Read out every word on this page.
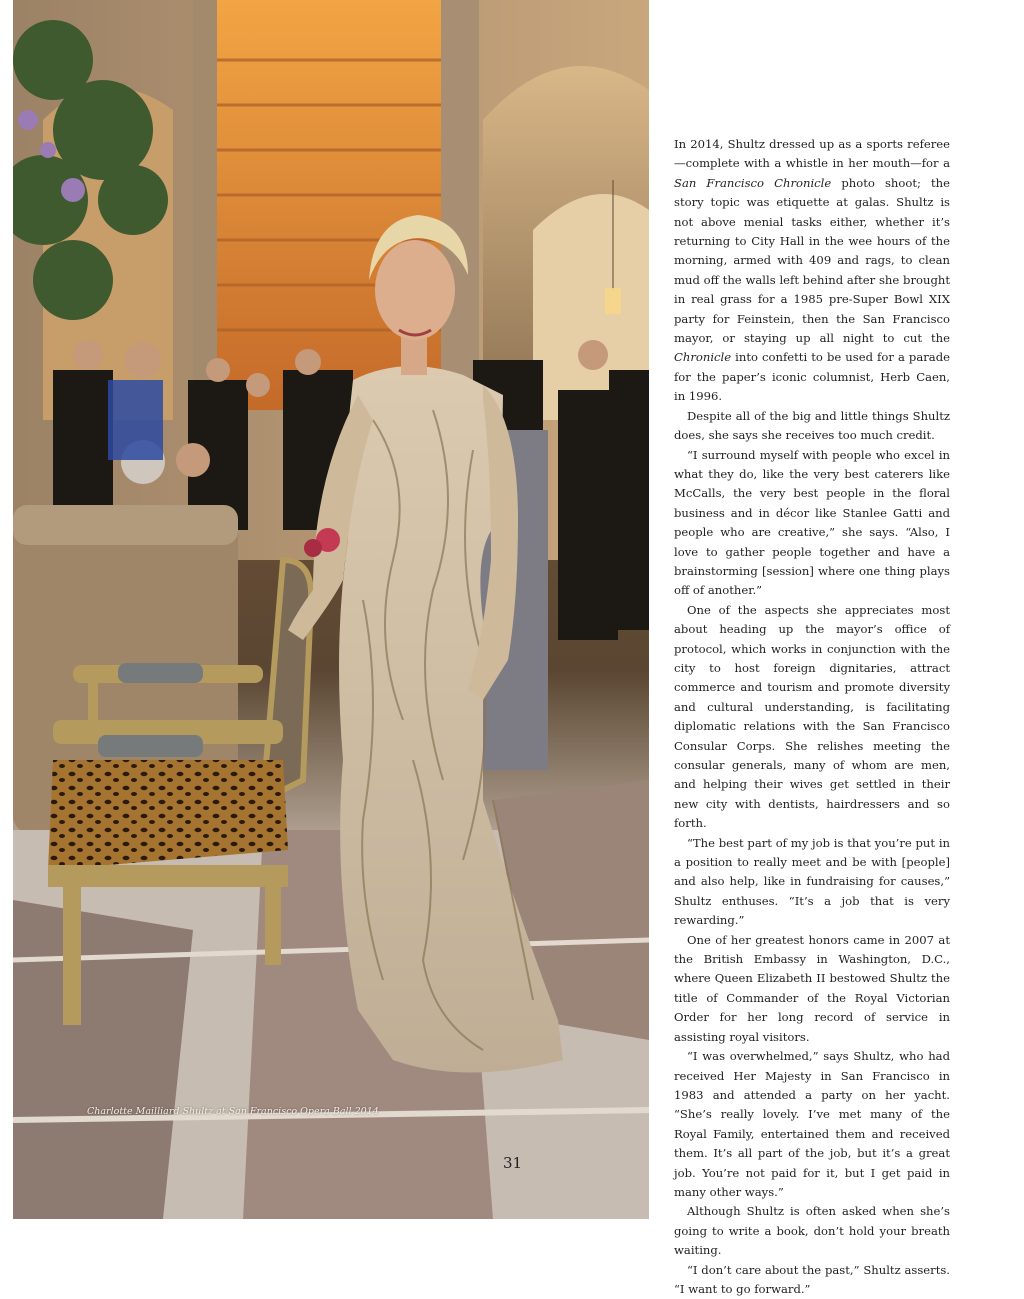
Charlotte Mailliard Shultz at San Francisco Opera Ball 2014

In 2014, Shultz dressed up as a sports referee—complete with a whistle in her mouth—for a San Francisco Chronicle photo shoot; the story topic was etiquette at galas. Shultz is not above menial tasks either, whether it’s returning to City Hall in the wee hours of the morning, armed with 409 and rags, to clean mud off the walls left behind after she brought in real grass for a 1985 pre-Super Bowl XIX party for Feinstein, then the San Francisco mayor, or staying up all night to cut the Chronicle into confetti to be used for a parade for the paper’s iconic columnist, Herb Caen, in 1996.

Despite all of the big and little things Shultz does, she says she receives too much credit.

“I surround myself with people who excel in what they do, like the very best caterers like McCalls, the very best people in the floral business and in décor like Stanlee Gatti and people who are creative,” she says. “Also, I love to gather people together and have a brainstorming [session] where one thing plays off of another.”

One of the aspects she appreciates most about heading up the mayor’s office of protocol, which works in conjunction with the city to host foreign dignitaries, attract commerce and tourism and promote diversity and cultural understanding, is facilitating diplomatic relations with the San Francisco Consular Corps. She relishes meeting the consular generals, many of whom are men, and helping their wives get settled in their new city with dentists, hairdressers and so forth.

“The best part of my job is that you’re put in a position to really meet and be with [people] and also help, like in fundraising for causes,” Shultz enthuses. “It’s a job that is very rewarding.”

One of her greatest honors came in 2007 at the British Embassy in Washington, D.C., where Queen Elizabeth II bestowed Shultz the title of Commander of the Royal Victorian Order for her long record of service in assisting royal visitors.

“I was overwhelmed,” says Shultz, who had received Her Majesty in San Francisco in 1983 and attended a party on her yacht. “She’s really lovely. I’ve met many of the Royal Family, entertained them and received them. It’s all part of the job, but it’s a great job. You’re not paid for it, but I get paid in many other ways.”

Although Shultz is often asked when she’s going to write a book, don’t hold your breath waiting.

“I don’t care about the past,” Shultz asserts. “I want to go forward.”

31
